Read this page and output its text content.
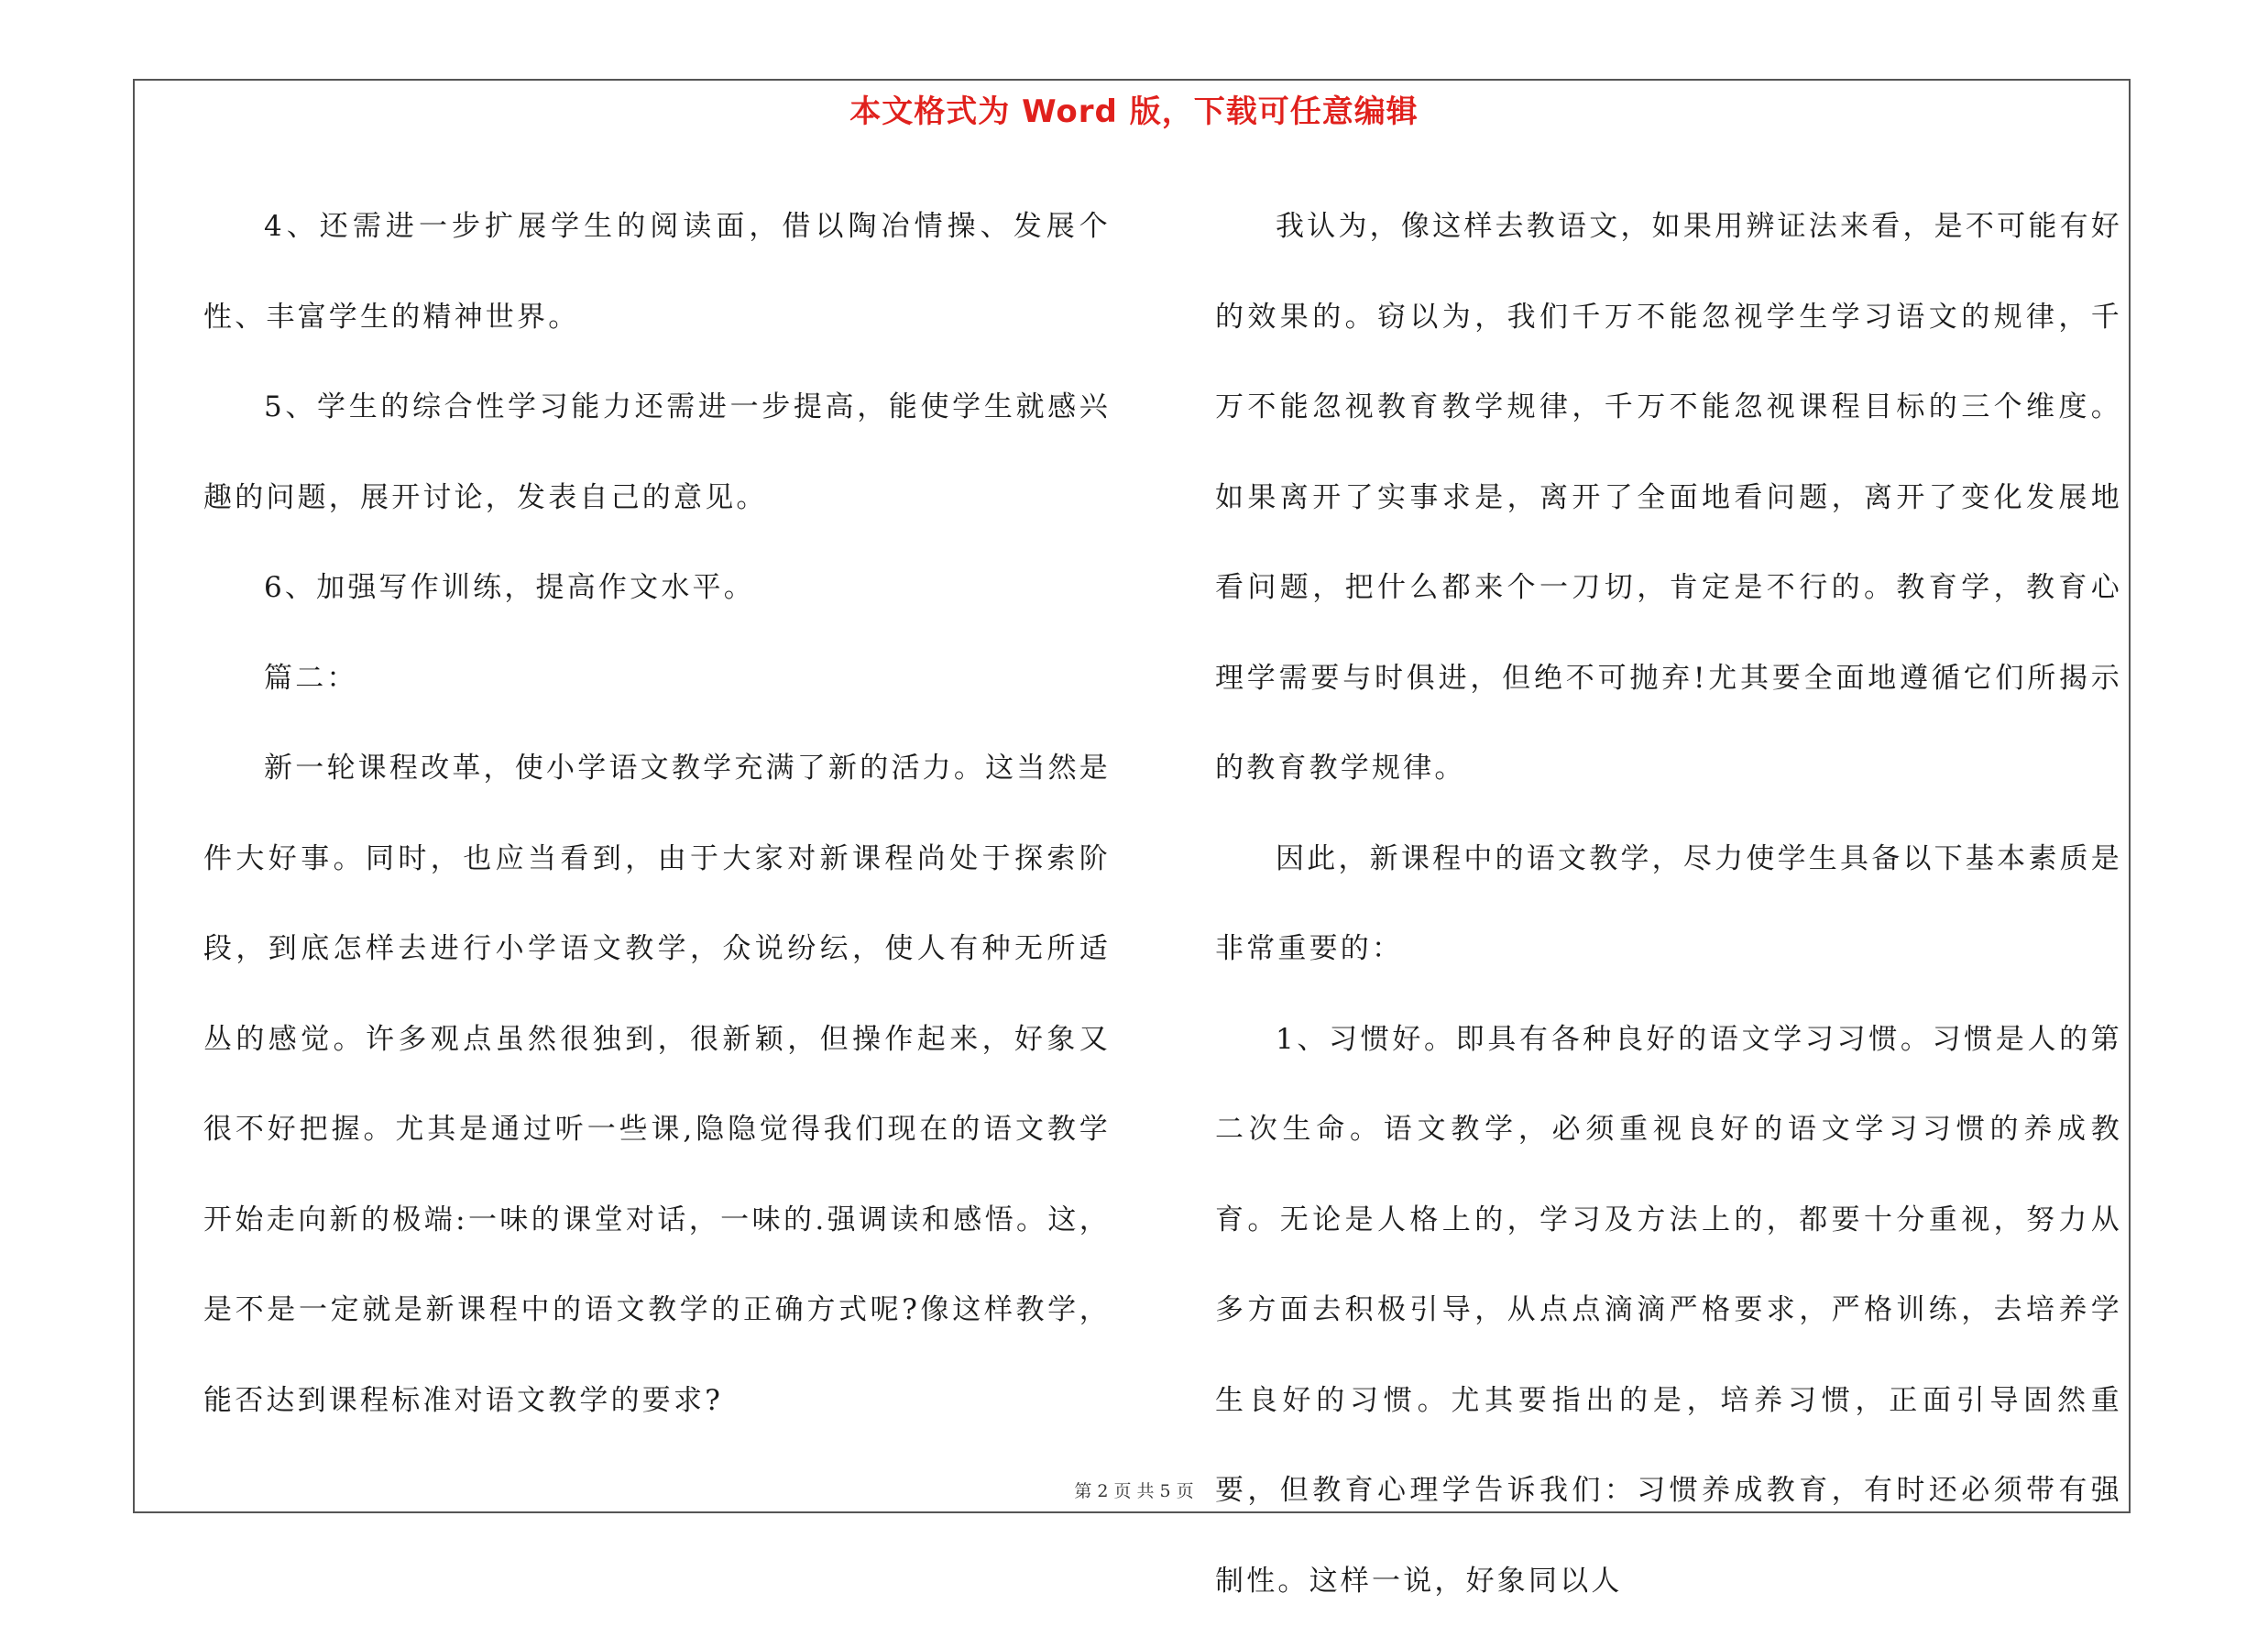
本文格式为 Word 版，下载可任意编辑

4、还需进一步扩展学生的阅读面，借以陶冶情操、发展个性、丰富学生的精神世界。

5、学生的综合性学习能力还需进一步提高，能使学生就感兴趣的问题，展开讨论，发表自己的意见。

6、加强写作训练，提高作文水平。

篇二：

新一轮课程改革，使小学语文教学充满了新的活力。这当然是件大好事。同时，也应当看到，由于大家对新课程尚处于探索阶段，到底怎样去进行小学语文教学，众说纷纭，使人有种无所适丛的感觉。许多观点虽然很独到，很新颖，但操作起来，好象又很不好把握。尤其是通过听一些课,隐隐觉得我们现在的语文教学开始走向新的极端:一味的课堂对话，一味的.强调读和感悟。这，是不是一定就是新课程中的语文教学的正确方式呢?像这样教学，能否达到课程标准对语文教学的要求?

我认为，像这样去教语文，如果用辨证法来看，是不可能有好的效果的。窃以为，我们千万不能忽视学生学习语文的规律，千万不能忽视教育教学规律，千万不能忽视课程目标的三个维度。 如果离开了实事求是，离开了全面地看问题，离开了变化发展地看问题，把什么都来个一刀切，肯定是不行的。教育学，教育心理学需要与时俱进，但绝不可抛弃!尤其要全面地遵循它们所揭示的教育教学规律。

因此，新课程中的语文教学，尽力使学生具备以下基本素质是非常重要的：

1、习惯好。即具有各种良好的语文学习习惯。习惯是人的第二次生命。语文教学，必须重视良好的语文学习习惯的养成教育。无论是人格上的，学习及方法上的，都要十分重视，努力从多方面去积极引导，从点点滴滴严格要求，严格训练，去培养学生良好的习惯。尤其要指出的是，培养习惯，正面引导固然重要，但教育心理学告诉我们：习惯养成教育，有时还必须带有强制性。这样一说，好象同以人

第 2 页 共 5 页
